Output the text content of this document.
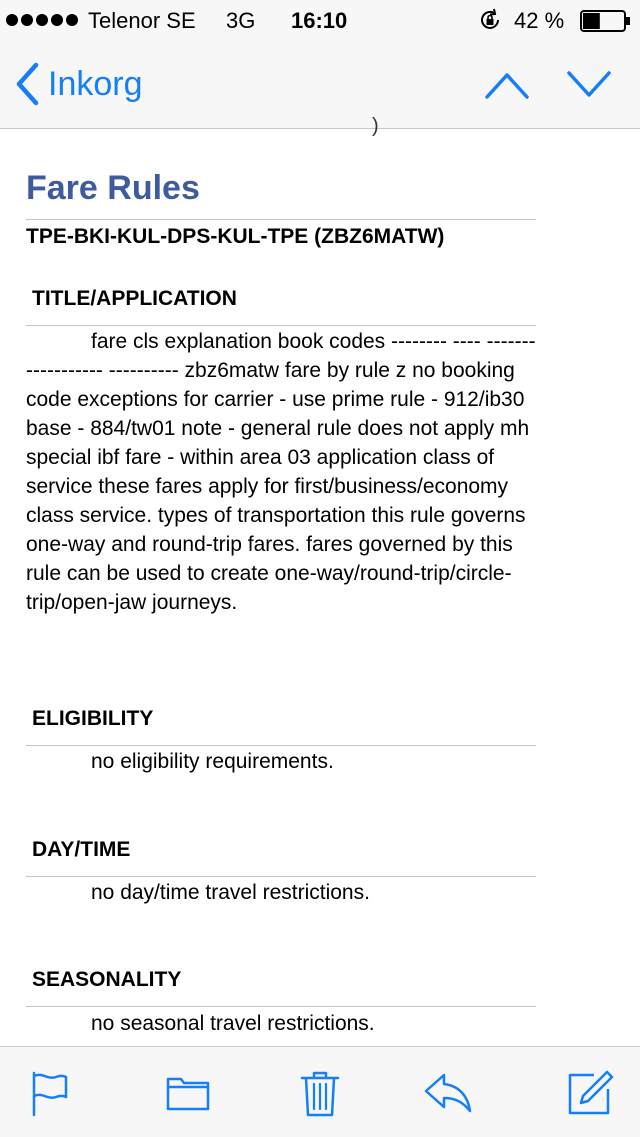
Telenor SE 3G 16:10	42 %
Inkorg
)
Fare Rules
TPE-BKI-KUL-DPS-KUL-TPE (ZBZ6MATW)
TITLE/APPLICATION

fare cls explanation book codes -------- ---- ------------------ ---------- zbz6matw fare by rule z no booking code exceptions for carrier - use prime rule - 912/ib30 base - 884/tw01 note - general rule does not apply mh special ibf fare - within area 03 application class of service these fares apply for first/business/economy class service. types of transportation this rule governs one-way and round-trip fares. fares governed by this rule can be used to create one-way/round-trip/circle-trip/open-jaw journeys.

ELIGIBILITY

no eligibility requirements.

DAY/TIME

no day/time travel restrictions.

SEASONALITY

no seasonal travel restrictions.
